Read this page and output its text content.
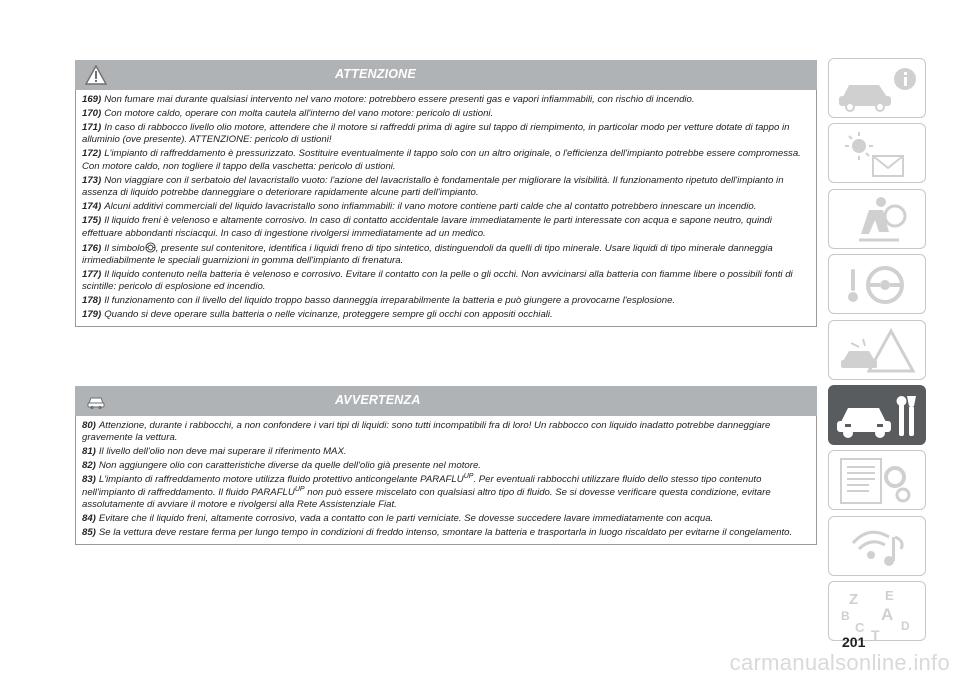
ATTENZIONE

169) Non fumare mai durante qualsiasi intervento nel vano motore: potrebbero essere presenti gas e vapori infiammabili, con rischio di incendio.

170) Con motore caldo, operare con molta cautela all'interno del vano motore: pericolo di ustioni.

171) In caso di rabbocco livello olio motore, attendere che il motore si raffreddi prima di agire sul tappo di riempimento, in particolar modo per vetture dotate di tappo in alluminio (ove presente). ATTENZIONE: pericolo di ustioni!

172) L'impianto di raffreddamento è pressurizzato. Sostituire eventualmente il tappo solo con un altro originale, o l'efficienza dell'impianto potrebbe essere compromessa. Con motore caldo, non togliere il tappo della vaschetta: pericolo di ustioni.

173) Non viaggiare con il serbatoio del lavacristallo vuoto: l'azione del lavacristallo è fondamentale per migliorare la visibilità. Il funzionamento ripetuto dell'impianto in assenza di liquido potrebbe danneggiare o deteriorare rapidamente alcune parti dell'impianto.

174) Alcuni additivi commerciali del liquido lavacristallo sono infiammabili: il vano motore contiene parti calde che al contatto potrebbero innescare un incendio.

175) Il liquido freni è velenoso e altamente corrosivo. In caso di contatto accidentale lavare immediatamente le parti interessate con acqua e sapone neutro, quindi effettuare abbondanti risciacqui. In caso di ingestione rivolgersi immediatamente ad un medico.

176) Il simbolo , presente sul contenitore, identifica i liquidi freno di tipo sintetico, distinguendoli da quelli di tipo minerale. Usare liquidi di tipo minerale danneggia irrimediabilmente le speciali guarnizioni in gomma dell'impianto di frenatura.

177) Il liquido contenuto nella batteria è velenoso e corrosivo. Evitare il contatto con la pelle o gli occhi. Non avvicinarsi alla batteria con fiamme libere o possibili fonti di scintille: pericolo di esplosione ed incendio.

178) Il funzionamento con il livello del liquido troppo basso danneggia irreparabilmente la batteria e può giungere a provocarne l'esplosione.

179) Quando si deve operare sulla batteria o nelle vicinanze, proteggere sempre gli occhi con appositi occhiali.

AVVERTENZA

80) Attenzione, durante i rabbocchi, a non confondere i vari tipi di liquidi: sono tutti incompatibili fra di loro! Un rabbocco con liquido inadatto potrebbe danneggiare gravemente la vettura.

81) Il livello dell'olio non deve mai superare il riferimento MAX.

82) Non aggiungere olio con caratteristiche diverse da quelle dell'olio già presente nel motore.

83) L'impianto di raffreddamento motore utilizza fluido protettivo anticongelante $PARAFLU^{UP}$. Per eventuali rabbocchi utilizzare fluido dello stesso tipo contenuto nell'impianto di raffreddamento. Il fluido $PARAFLU^{UP}$ non può essere miscelato con qualsiasi altro tipo di fluido. Se si dovesse verificare questa condizione, evitare assolutamente di avviare il motore e rivolgersi alla Rete Assistenziale Fiat.

84) Evitare che il liquido freni, altamente corrosivo, vada a contatto con le parti verniciate. Se dovesse succedere lavare immediatamente con acqua.

85) Se la vettura deve restare ferma per lungo tempo in condizioni di freddo intenso, smontare la batteria e trasportarla in luogo riscaldato per evitarne il congelamento.

Z E
B A
C	D
T
201
carmanualsonline.info
